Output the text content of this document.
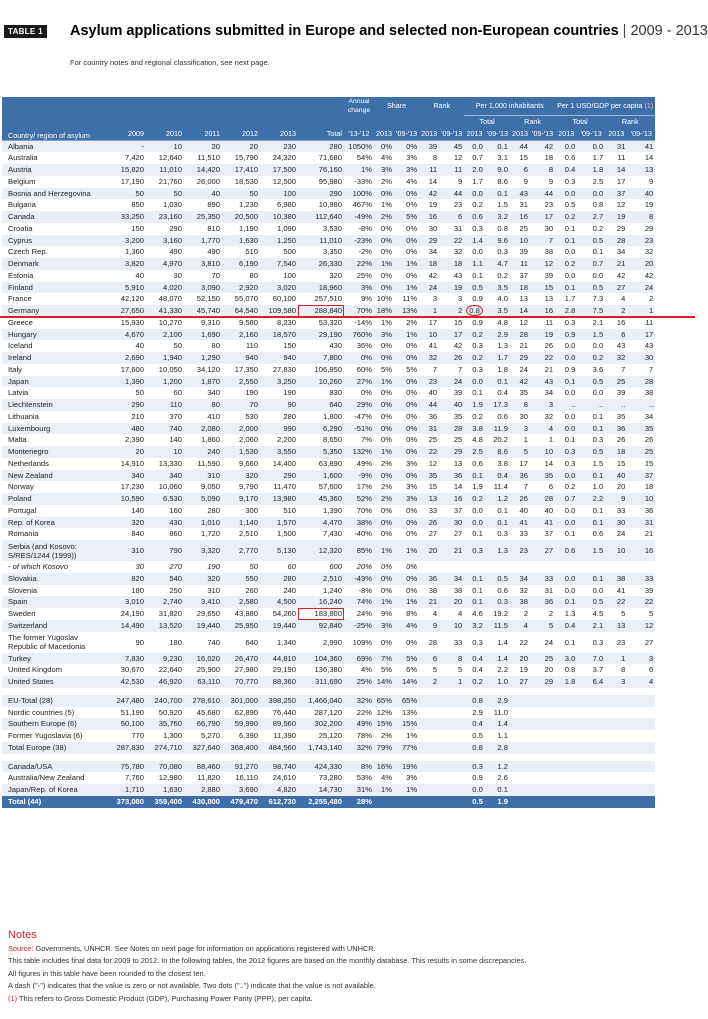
TABLE 1 Asylum applications submitted in Europe and selected non-European countries | 2009 - 2013
For country notes and regional classification, see next page.
Country/ region of asylum	2009	2010	2011	2012	2013	Total	Annual change	Share		Rank		Per 1,000 inhabitants				Per 1 USD/GDP per capita (1)			
												Total		Rank		Total		Rank	
							'13-'12	2013	'09-'13	2013	'09-'13	2013	'09-'13	2013	'09-'13	2013	'09-'13	2013	'09-'13
Albania	-	10	20	20	230	280	1050%	0%	0%	39	45	0.0	0.1	44	42	0.0	0.0	31	41
Australia	7,420	12,640	11,510	15,790	24,320	71,680	54%	4%	3%	8	12	0.7	3.1	15	18	0.6	1.7	11	14
Austria	15,820	11,010	14,420	17,410	17,500	76,160	1%	3%	3%	11	11	2.0	9.0	6	8	0.4	1.8	14	13
Belgium	17,190	21,760	26,000	18,530	12,500	95,980	-33%	2%	4%	14	9	1.7	8.6	9	9	0.3	2.5	17	9
Bosnia and Herzegovina	50	50	40	50	100	290	100%	0%	0%	42	44	0.0	0.1	43	44	0.0	0.0	37	40
Bulgaria	850	1,030	890	1,230	6,980	10,980	467%	1%	0%	19	23	0.2	1.5	31	23	0.5	0.8	12	19
Canada	33,250	23,160	25,350	20,500	10,380	112,640	-49%	2%	5%	16	6	0.6	3.2	16	17	0.2	2.7	19	8
Croatia	150	290	810	1,190	1,090	3,530	-8%	0%	0%	30	31	0.3	0.8	25	30	0.1	0.2	29	29
Cyprus	3,200	3,160	1,770	1,630	1,250	11,010	-23%	0%	0%	29	22	1.4	9.6	10	7	0.1	0.5	28	23
Czech Rep.	1,360	490	490	510	500	3,350	-2%	0%	0%	34	32	0.0	0.3	39	38	0.0	0.1	34	32
Denmark	3,820	4,970	3,810	6,190	7,540	26,330	22%	1%	1%	18	18	1.1	4.7	11	12	0.2	0.7	21	20
Estonia	40	30	70	80	100	320	25%	0%	0%	42	43	0.1	0.2	37	39	0.0	0.0	42	42
Finland	5,910	4,020	3,090	2,920	3,020	18,960	3%	0%	1%	24	19	0.5	3.5	18	15	0.1	0.5	27	24
France	42,120	48,070	52,150	55,070	60,100	257,510	9%	10%	11%	3	3	0.9	4.0	13	13	1.7	7.3	4	2
Germany	27,650	41,330	45,740	64,540	109,580	288,840	70%	18%	13%	1	2	0.8	3.5	14	16	2.8	7.5	2	1
Greece	15,930	10,270	9,310	9,580	8,230	53,320	-14%	1%	2%	17	15	0.9	4.8	12	11	0.3	2.1	16	11
Hungary	4,670	2,100	1,690	2,160	18,570	29,190	760%	3%	1%	10	17	0.2	2.9	28	19	0.9	1.5	6	17
Iceland	40	50	80	110	150	430	36%	0%	0%	41	42	0.3	1.3	21	26	0.0	0.0	43	43
Ireland	2,690	1,940	1,290	940	940	7,800	0%	0%	0%	32	26	0.2	1.7	29	22	0.0	0.2	32	30
Italy	17,600	10,050	34,120	17,350	27,830	106,950	60%	5%	5%	7	7	0.3	1.8	24	21	0.9	3.6	7	7
Japan	1,390	1,200	1,870	2,550	3,250	10,260	27%	1%	0%	23	24	0.0	0.1	42	43	0.1	0.5	25	28
Latvia	50	60	340	190	190	830	0%	0%	0%	40	39	0.1	0.4	35	34	0.0	0.0	39	38
Liechtenstein	290	110	80	70	90	640	29%	0%	0%	44	40	1.9	17.3	8	3	..	..	..	..
Lithuania	210	370	410	530	280	1,800	-47%	0%	0%	36	35	0.2	0.6	30	32	0.0	0.1	35	34
Luxembourg	480	740	2,080	2,000	990	6,290	-51%	0%	0%	31	28	3.8	11.9	3	4	0.0	0.1	36	35
Malta	2,390	140	1,860	2,060	2,200	8,650	7%	0%	0%	25	25	4.8	20.2	1	1	0.1	0.3	26	26
Montenegro	20	10	240	1,530	3,550	5,350	132%	1%	0%	22	29	2.5	8.6	5	10	0.3	0.5	18	25
Netherlands	14,910	13,330	11,590	9,660	14,400	63,890	49%	2%	3%	12	13	0.6	3.8	17	14	0.3	1.5	15	15
New Zealand	340	340	310	320	290	1,600	-9%	0%	0%	35	36	0.1	0.4	36	35	0.0	0.1	40	37
Norway	17,230	10,060	9,050	9,790	11,470	57,600	17%	2%	3%	15	14	1.9	11.4	7	6	0.2	1.0	20	18
Poland	10,590	6,530	5,090	9,170	13,980	45,360	52%	2%	3%	13	16	0.2	1.2	26	28	0.7	2.2	9	10
Portugal	140	160	280	300	510	1,390	70%	0%	0%	33	37	0.0	0.1	40	40	0.0	0.1	33	36
Rep. of Korea	320	430	1,010	1,140	1,570	4,470	38%	0%	0%	26	30	0.0	0.1	41	41	0.0	0.1	30	31
Romania	840	860	1,720	2,510	1,500	7,430	-40%	0%	0%	27	27	0.1	0.3	33	37	0.1	0.6	24	21
Serbia (and Kosovo: S/RES/1244 (1999))	310	790	3,320	2,770	5,130	12,320	85%	1%	1%	20	21	0.3	1.3	23	27	0.6	1.5	10	16
- of which Kosovo	30	270	190	50	60	600	20%	0%	0%										
Slovakia	820	540	320	550	280	2,510	-49%	0%	0%	36	34	0.1	0.5	34	33	0.0	0.1	38	33
Slovenia	180	250	310	260	240	1,240	-8%	0%	0%	38	38	0.1	0.6	32	31	0.0	0.0	41	39
Spain	3,010	2,740	3,410	2,580	4,500	16,240	74%	1%	1%	21	20	0.1	0.3	38	36	0.1	0.5	22	22
Sweden	24,190	31,820	29,650	43,880	54,260	183,800	24%	9%	8%	4	4	4.6	19.2	2	2	1.3	4.5	5	5
Switzerland	14,490	13,520	19,440	25,950	19,440	92,840	-25%	3%	4%	9	10	3.2	11.5	4	5	0.4	2.1	13	12
The former Yugoslav Republic of Macedonia	90	180	740	640	1,340	2,990	109%	0%	0%	28	33	0.3	1.4	22	24	0.1	0.3	23	27
Turkey	7,830	9,230	16,020	26,470	44,810	104,360	69%	7%	5%	6	8	0.4	1.4	20	25	3.0	7.0	1	3
United Kingdom	30,670	22,640	25,900	27,980	29,190	136,380	4%	5%	6%	5	5	0.4	2.2	19	20	0.8	3.7	8	6
United States	42,530	46,920	63,110	70,770	88,360	311,690	25%	14%	14%	2	1	0.2	1.0	27	29	1.8	6.4	3	4

EU-Total (28)	247,480	240,700	278,610	301,000	398,250	1,466,040	32%	65%	65%			0.8	2.9						
Nordic countries (5)	51,190	50,920	45,680	62,890	76,440	287,120	22%	12%	13%			2.9	11.0						
Southern Europe (6)	50,100	35,760	66,790	59,990	89,560	302,200	49%	15%	15%			0.4	1.4						
Former Yugoslavia (6)	770	1,300	5,270	6,390	11,390	25,120	78%	2%	1%			0.5	1.1						
Total Europe (38)	287,830	274,710	327,640	368,400	484,560	1,743,140	32%	79%	77%			0.8	2.8						

Canada/USA	75,780	70,080	88,460	91,270	98,740	424,330	8%	16%	19%			0.3	1.2						
Australia/New Zealand	7,760	12,980	11,820	16,110	24,610	73,280	53%	4%	3%			0.9	2.6						
Japan/Rep. of Korea	1,710	1,630	2,880	3,690	4,820	14,730	31%	1%	1%			0.0	0.1						
Total (44)	373,080	359,400	430,800	479,470	612,730	2,255,480	28%					0.5	1.9						
Notes
Source: Governments, UNHCR. See Notes on next page for information on applications registered with UNHCR.
This table includes final data for 2009 to 2012. In the following tables, the 2012 figures are based on the monthly database. This results in some discrepancies.
All figures in this table have been rounded to the closest ten.
A dash ("-") indicates that the value is zero or not available. Two dots ("..") indicate that the value is not available.
(1) This refers to Gross Domestic Product (GDP), Purchasing Power Parity (PPP), per capita.
